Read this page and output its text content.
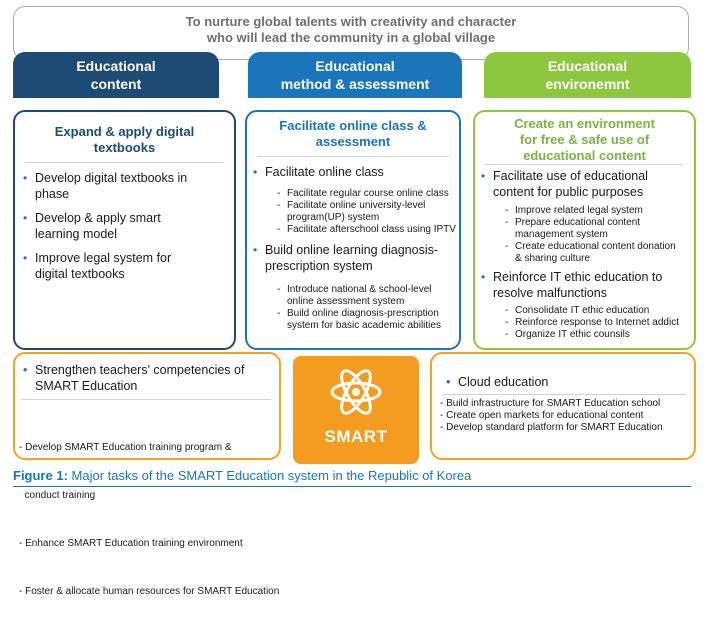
To nurture global talents with creativity and character
who will lead the community in a global village
Educational
content
Educational
method & assessment
Educational
environemnt
Expand & apply digital
textbooks
• Develop digital textbooks in
phase
• Develop & apply smart
learning model
• Improve legal system for
digital textbooks
Facilitate online class &
assessment
• Facilitate online class
- Facilitate regular course online class
- Facilitate online university-level
program(UP) system
- Facilitate afterschool class using IPTV
• Build online learning diagnosis-
prescription system
- Introduce national & school-level
online assessment system
- Build online diagnosis-prescription
system for basic academic abilities
Create an environment
for free & safe use of
educational content
• Facilitate use of educational
content for public purposes
- Improve related legal system
- Prepare educational content
management system
- Create educational content donation
& sharing culture
• Reinforce IT ethic education to
resolve malfunctions
- Consolidate IT ethic education
- Reinforce response to Internet addict
- Organize IT ethic counsils
• Strengthen teachers' competencies of
SMART Education

- Develop SMART Education training program &

conduct training

- Enhance SMART Education training environment

- Foster & allocate human resources for SMART Education

SMART
• Cloud education
- Build infrastructure for SMART Education school
- Create open markets for educational content
- Develop standard platform for SMART Education
Figure 1: Major tasks of the SMART Education system in the Republic of Korea
